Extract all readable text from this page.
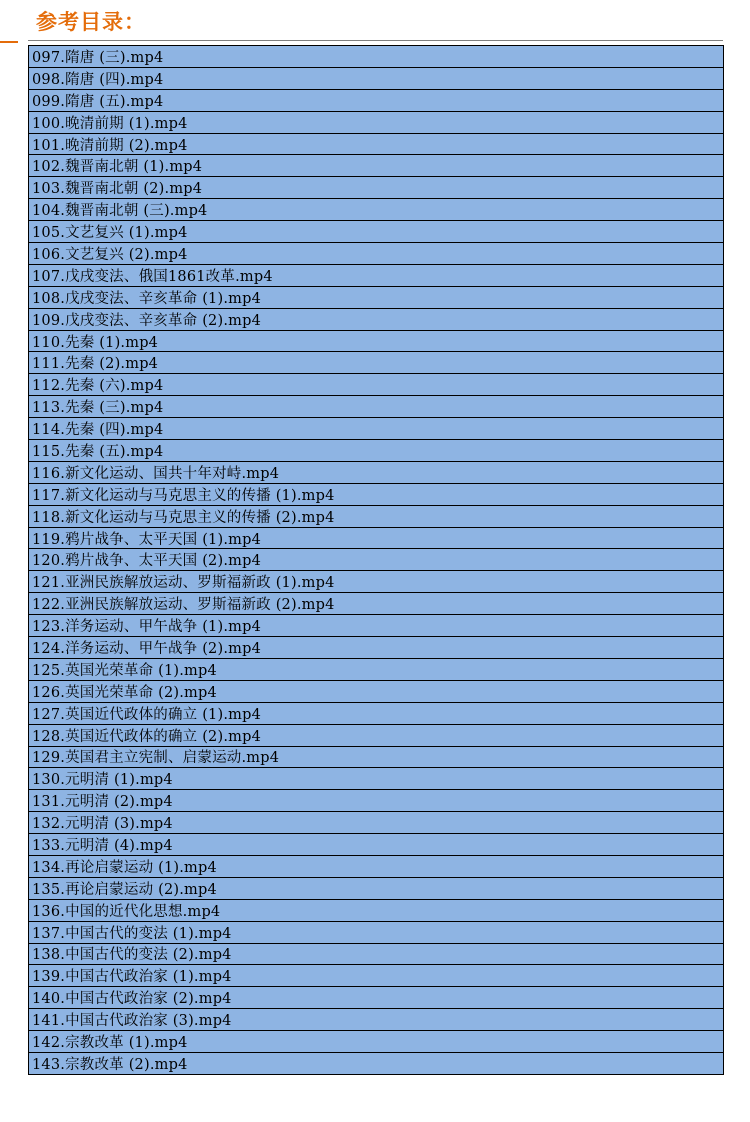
参考目录：
097.隋唐 (三).mp4
098.隋唐 (四).mp4
099.隋唐 (五).mp4
100.晚清前期 (1).mp4
101.晚清前期 (2).mp4
102.魏晋南北朝 (1).mp4
103.魏晋南北朝 (2).mp4
104.魏晋南北朝 (三).mp4
105.文艺复兴 (1).mp4
106.文艺复兴 (2).mp4
107.戊戌变法、俄国1861改革.mp4
108.戊戌变法、辛亥革命 (1).mp4
109.戊戌变法、辛亥革命 (2).mp4
110.先秦 (1).mp4
111.先秦 (2).mp4
112.先秦 (六).mp4
113.先秦 (三).mp4
114.先秦 (四).mp4
115.先秦 (五).mp4
116.新文化运动、国共十年对峙.mp4
117.新文化运动与马克思主义的传播 (1).mp4
118.新文化运动与马克思主义的传播 (2).mp4
119.鸦片战争、太平天国 (1).mp4
120.鸦片战争、太平天国 (2).mp4
121.亚洲民族解放运动、罗斯福新政 (1).mp4
122.亚洲民族解放运动、罗斯福新政 (2).mp4
123.洋务运动、甲午战争 (1).mp4
124.洋务运动、甲午战争 (2).mp4
125.英国光荣革命 (1).mp4
126.英国光荣革命 (2).mp4
127.英国近代政体的确立 (1).mp4
128.英国近代政体的确立 (2).mp4
129.英国君主立宪制、启蒙运动.mp4
130.元明清 (1).mp4
131.元明清 (2).mp4
132.元明清 (3).mp4
133.元明清 (4).mp4
134.再论启蒙运动 (1).mp4
135.再论启蒙运动 (2).mp4
136.中国的近代化思想.mp4
137.中国古代的变法 (1).mp4
138.中国古代的变法 (2).mp4
139.中国古代政治家 (1).mp4
140.中国古代政治家 (2).mp4
141.中国古代政治家 (3).mp4
142.宗教改革 (1).mp4
143.宗教改革 (2).mp4
